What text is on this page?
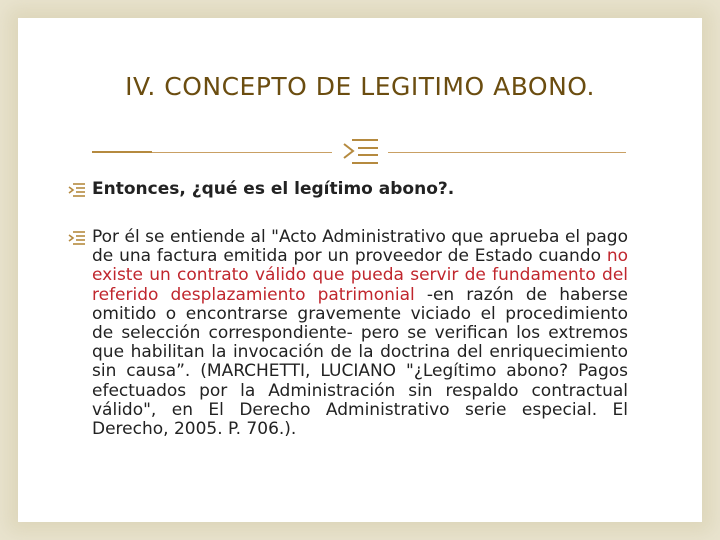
IV. CONCEPTO DE LEGITIMO ABONO.
Entonces, ¿qué es el legítimo abono?.
Por él se entiende al "Acto Administrativo que aprueba el pago de una factura emitida por un proveedor de Estado cuando no existe un contrato válido que pueda servir de fundamento del referido desplazamiento patrimonial -en razón de haberse omitido o encontrarse gravemente viciado el procedimiento de selección correspondiente- pero se verifican los extremos que habilitan la invocación de la doctrina del enriquecimiento sin causa”. (MARCHETTI, LUCIANO "¿Legítimo abono? Pagos efectuados por la Administración sin respaldo contractual válido", en El Derecho Administrativo serie especial. El Derecho, 2005. P. 706.).
